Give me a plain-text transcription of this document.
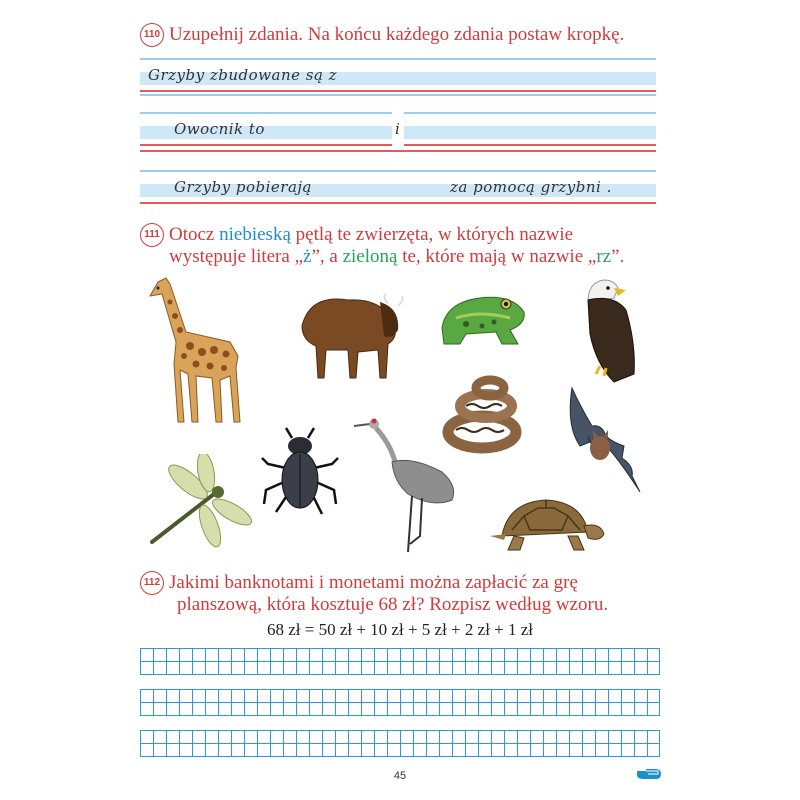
110 Uzupełnij zdania. Na końcu każdego zdania postaw kropkę.
Grzyby zbudowane są z
Owocnik to	i
Grzyby pobierają	za pomocą grzybni .
111 Otocz niebieską pętlą te zwierzęta, w których nazwie
występuje litera „ż”, a zieloną te, które mają w nazwie „rz”.
112 Jakimi banknotami i monetami można zapłacić za grę
planszową, która kosztuje 68 zł? Rozpisz według wzoru.
68 zł = 50 zł + 10 zł + 5 zł + 2 zł + 1 zł
45
